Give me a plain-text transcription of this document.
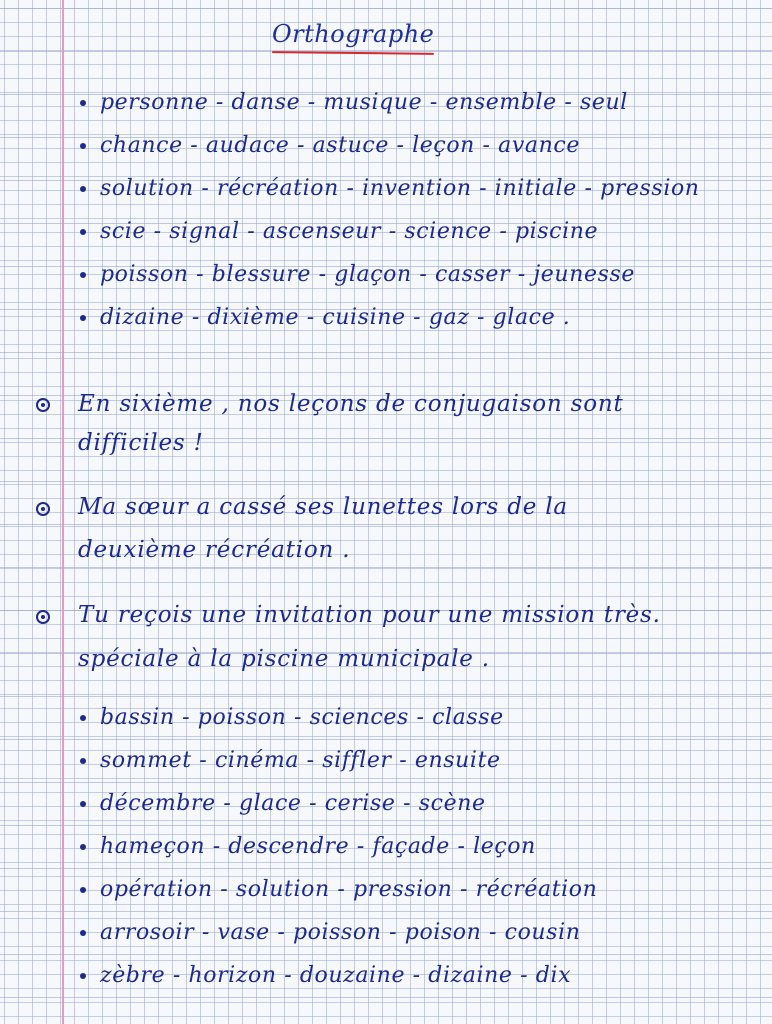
Orthographe
personne - danse - musique - ensemble - seul
chance - audace - astuce - leçon - avance
solution - récréation - invention - initiale - pression
scie - signal - ascenseur - science - piscine
poisson - blessure - glaçon - casser - jeunesse
dizaine - dixième - cuisine - gaz - glace .
En sixième , nos leçons de conjugaison sont
difficiles !
Ma sœur a cassé ses lunettes lors de la
deuxième récréation .
Tu reçois une invitation pour une mission très.
spéciale à la piscine municipale .
bassin - poisson - sciences - classe
sommet - cinéma - siffler - ensuite
décembre - glace - cerise - scène
hameçon - descendre - façade - leçon
opération - solution - pression - récréation
arrosoir - vase - poisson - poison - cousin
zèbre - horizon - douzaine - dizaine - dix
